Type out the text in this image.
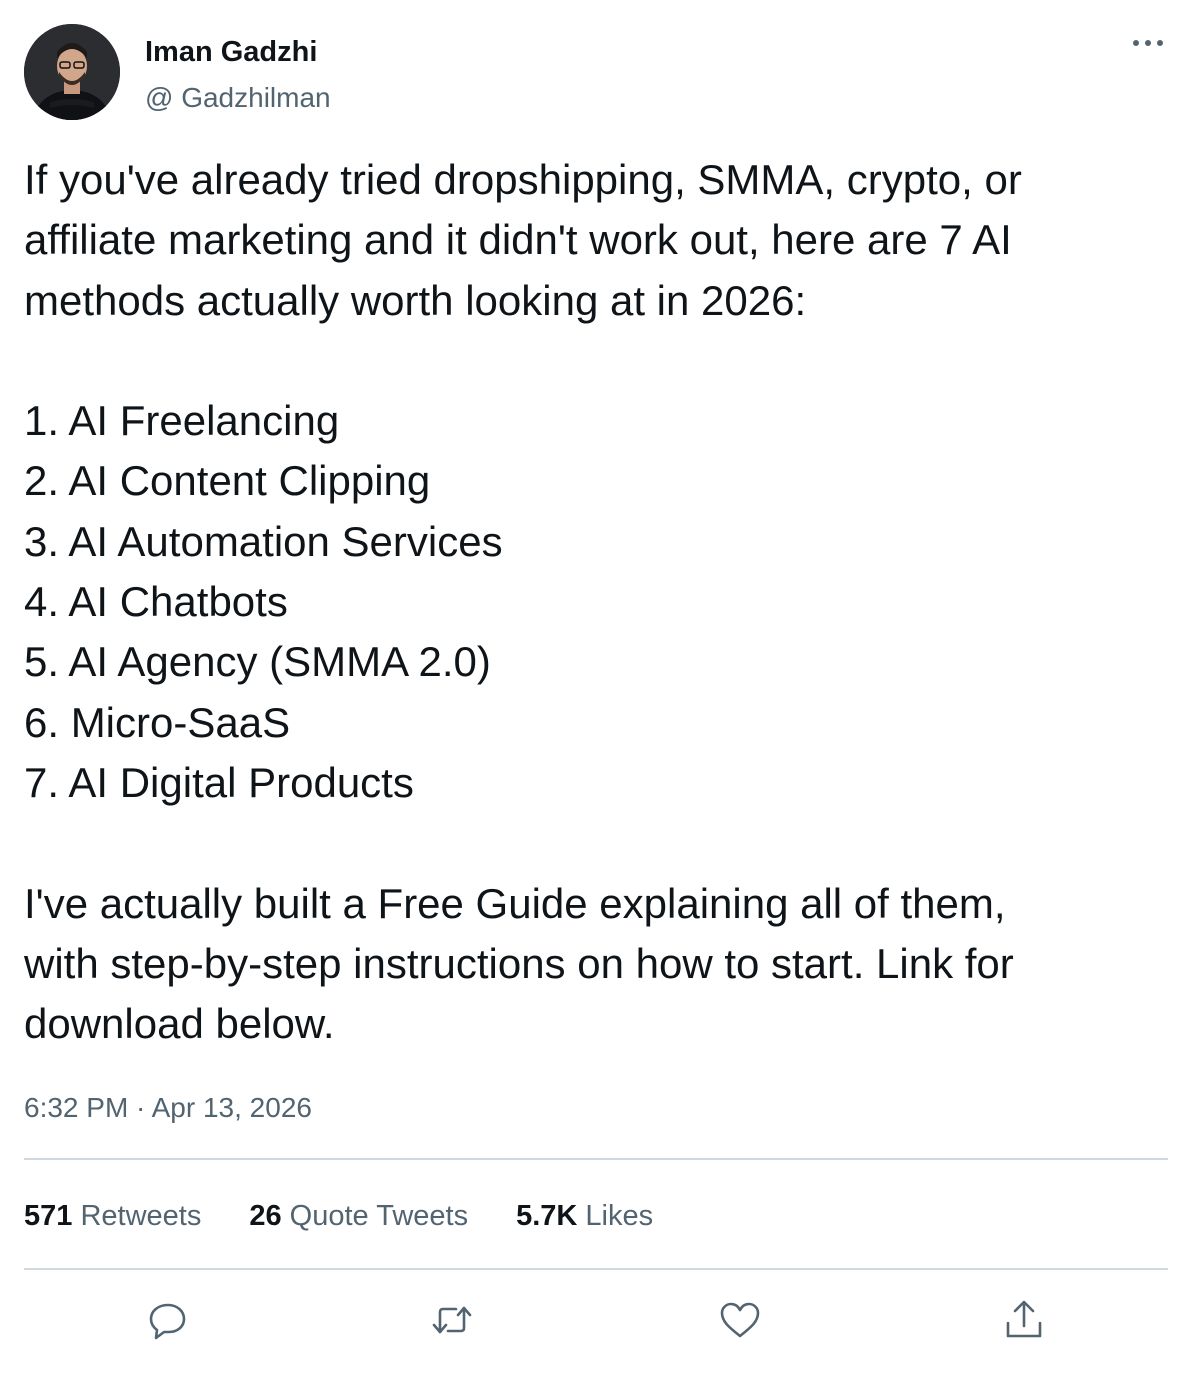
Iman Gadzhi
@ Gadzhilman

If you've already tried dropshipping, SMMA, crypto, or

affiliate marketing and it didn't work out, here are 7 AI

methods actually worth looking at in 2026:

1. AI Freelancing

2. AI Content Clipping

3. AI Automation Services

4. AI Chatbots

5. AI Agency (SMMA 2.0)

6. Micro-SaaS

7. AI Digital Products

I've actually built a Free Guide explaining all of them,

with step-by-step instructions on how to start. Link for

download below.

6:32 PM · Apr 13, 2026
571 Retweets 26 Quote Tweets 5.7K Likes
